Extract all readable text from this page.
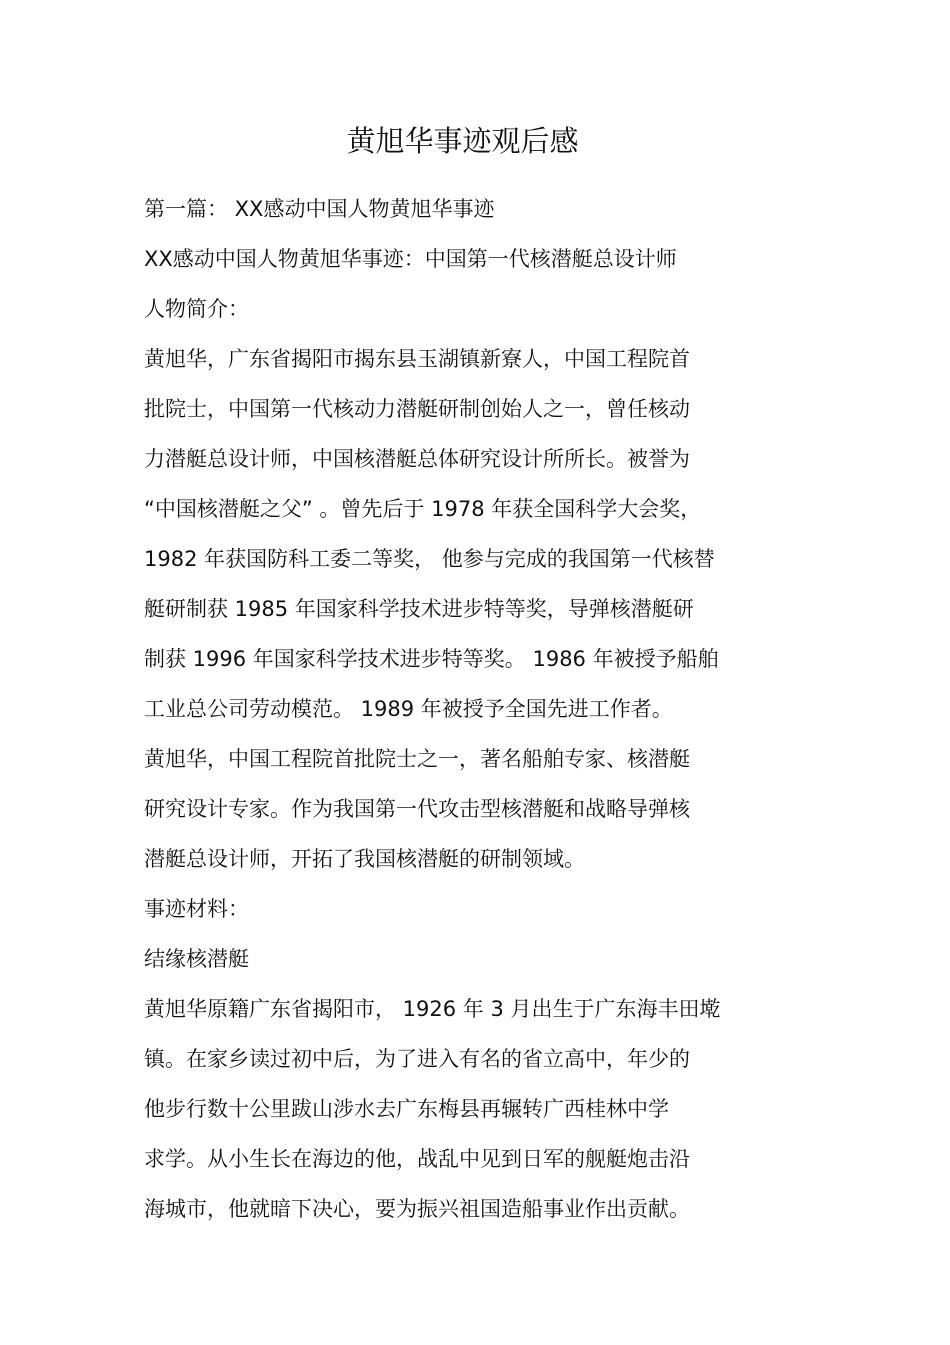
黄旭华事迹观后感
第一篇： XX感动中国人物黄旭华事迹
XX感动中国人物黄旭华事迹：中国第一代核潜艇总设计师
人物简介：
黄旭华，广东省揭阳市揭东县玉湖镇新寮人，中国工程院首
批院士，中国第一代核动力潜艇研制创始人之一，曾任核动
力潜艇总设计师，中国核潜艇总体研究设计所所长。被誉为
“中国核潜艇之父” 。曾先后于 1978 年获全国科学大会奖，
1982 年获国防科工委二等奖， 他参与完成的我国第一代核替
艇研制获 1985 年国家科学技术进步特等奖，导弹核潜艇研
制获 1996 年国家科学技术进步特等奖。 1986 年被授予船舶
工业总公司劳动模范。 1989 年被授予全国先进工作者。
黄旭华，中国工程院首批院士之一，著名船舶专家、核潜艇
研究设计专家。作为我国第一代攻击型核潜艇和战略导弹核
潜艇总设计师，开拓了我国核潜艇的研制领域。
事迹材料：
结缘核潜艇
黄旭华原籍广东省揭阳市， 1926 年 3 月出生于广东海丰田墘
镇。在家乡读过初中后，为了进入有名的省立高中，年少的
他步行数十公里跋山涉水去广东梅县再辗转广西桂林中学
求学。从小生长在海边的他，战乱中见到日军的舰艇炮击沿
海城市，他就暗下决心，要为振兴祖国造船事业作出贡献。
